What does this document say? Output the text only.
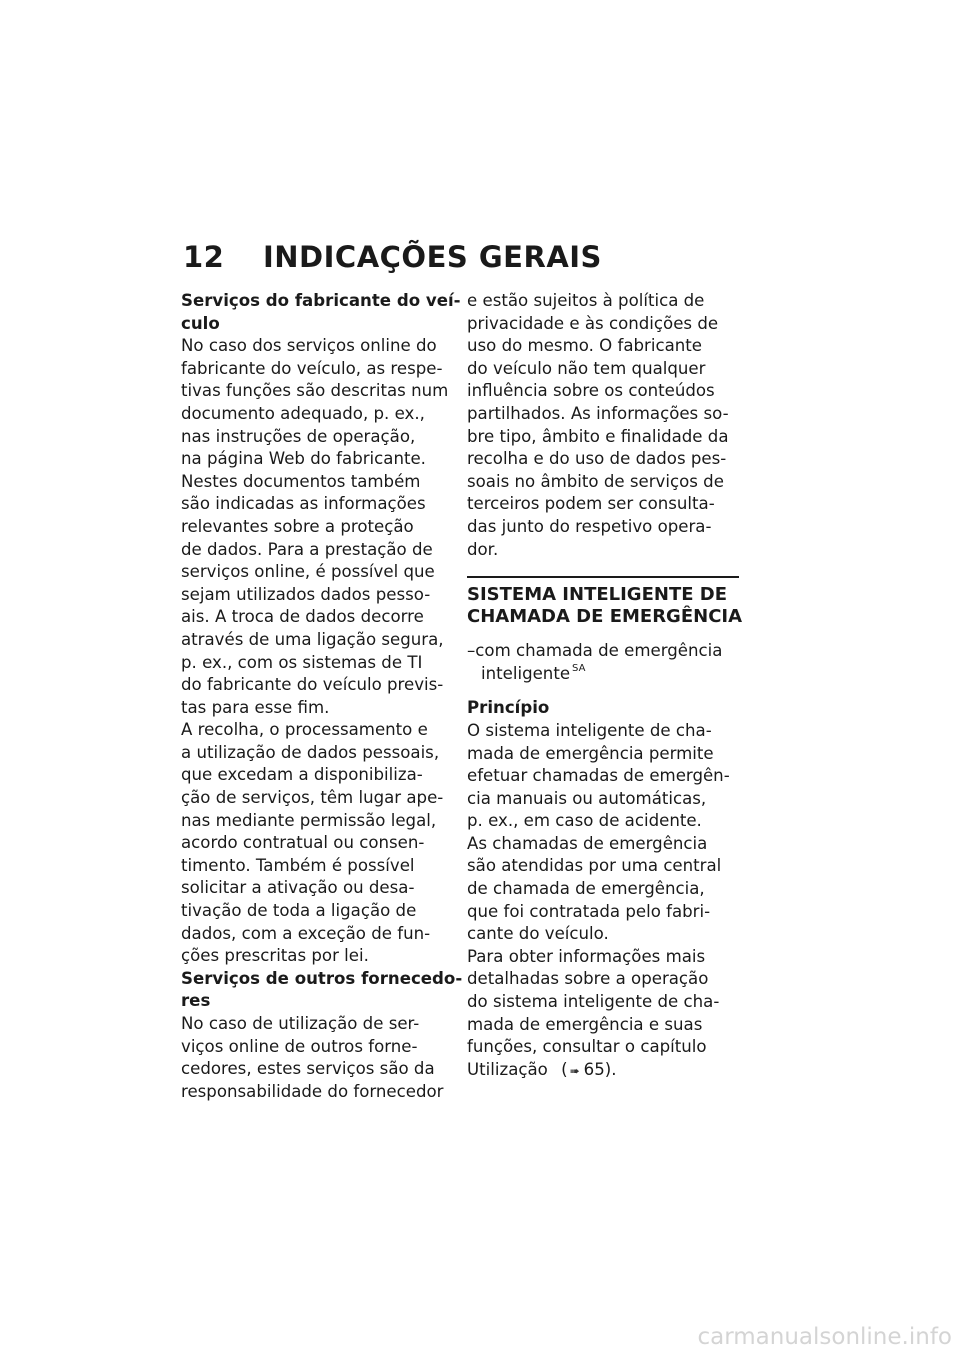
12 INDICAÇÕES GERAIS
Serviços do fabricante do veí-
culo
No caso dos serviços online do
fabricante do veículo, as respe-
tivas funções são descritas num
documento adequado, p. ex.,
nas instruções de operação,
na página Web do fabricante.
Nestes documentos também
são indicadas as informações
relevantes sobre a proteção
de dados. Para a prestação de
serviços online, é possível que
sejam utilizados dados pesso-
ais. A troca de dados decorre
através de uma ligação segura,
p. ex., com os sistemas de TI
do fabricante do veículo previs-
tas para esse fim.
A recolha, o processamento e
a utilização de dados pessoais,
que excedam a disponibiliza-
ção de serviços, têm lugar ape-
nas mediante permissão legal,
acordo contratual ou consen-
timento. Também é possível
solicitar a ativação ou desa-
tivação de toda a ligação de
dados, com a exceção de fun-
ções prescritas por lei.
Serviços de outros fornecedo-
res
No caso de utilização de ser-
viços online de outros forne-
cedores, estes serviços são da
responsabilidade do fornecedor
e estão sujeitos à política de
privacidade e às condições de
uso do mesmo. O fabricante
do veículo não tem qualquer
influência sobre os conteúdos
partilhados. As informações so-
bre tipo, âmbito e finalidade da
recolha e do uso de dados pes-
soais no âmbito de serviços de
terceiros podem ser consulta-
das junto do respetivo opera-
dor.
SISTEMA INTELIGENTE DE
CHAMADA DE EMERGÊNCIA
–com chamada de emergência
inteligente $^{SA}$
Princípio
O sistema inteligente de cha-
mada de emergência permite
efetuar chamadas de emergên-
cia manuais ou automáticas,
p. ex., em caso de acidente.
As chamadas de emergência
são atendidas por uma central
de chamada de emergência,
que foi contratada pelo fabri-
cante do veículo.
Para obter informações mais
detalhadas sobre a operação
do sistema inteligente de cha-
mada de emergência e suas
funções, consultar o capítulo
Utilização ( ➠ 65).
carmanualsonline.info
